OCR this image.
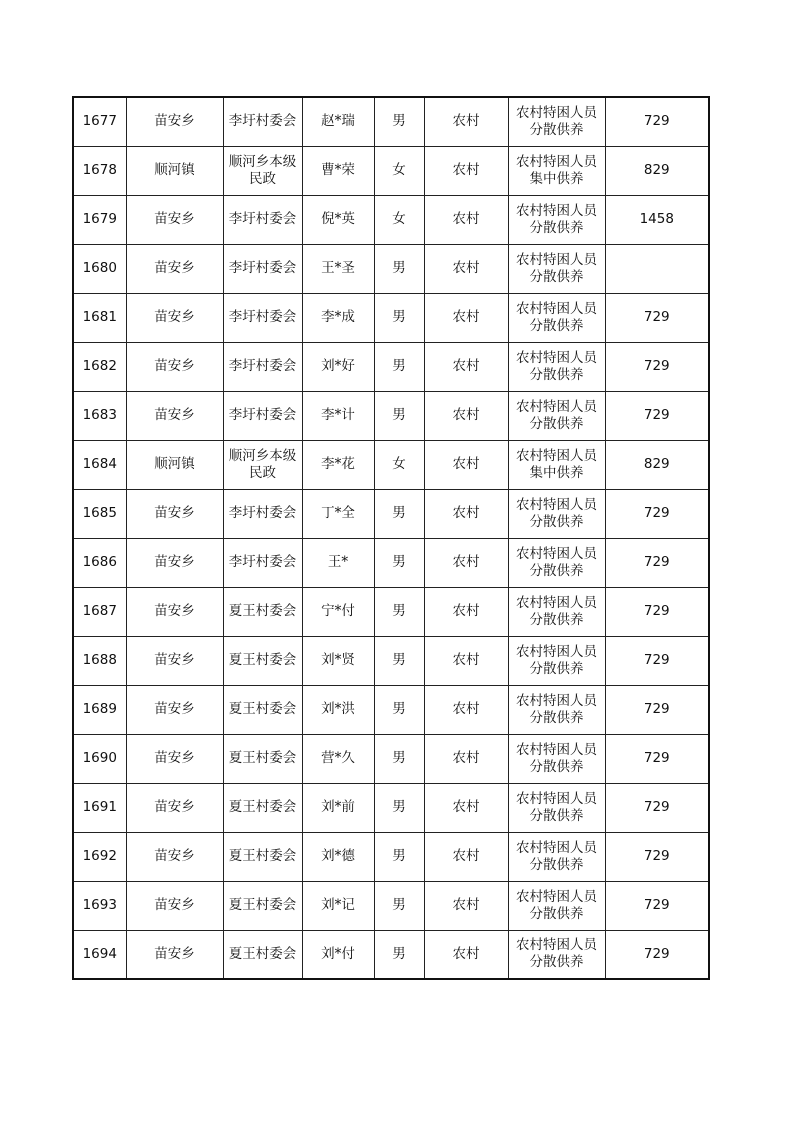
1677	苗安乡	李圩村委会	赵*瑞	男	农村	农村特困人员分散供养	729
1678	顺河镇	顺河乡本级民政	曹*荣	女	农村	农村特困人员集中供养	829
1679	苗安乡	李圩村委会	倪*英	女	农村	农村特困人员分散供养	1458
1680	苗安乡	李圩村委会	王*圣	男	农村	农村特困人员分散供养	

1681	苗安乡	李圩村委会	李*成	男	农村	农村特困人员分散供养	729
1682	苗安乡	李圩村委会	刘*好	男	农村	农村特困人员分散供养	729
1683	苗安乡	李圩村委会	李*计	男	农村	农村特困人员分散供养	729
1684	顺河镇	顺河乡本级民政	李*花	女	农村	农村特困人员集中供养	829
1685	苗安乡	李圩村委会	丁*全	男	农村	农村特困人员分散供养	729
1686	苗安乡	李圩村委会	王*	男	农村	农村特困人员分散供养	729
1687	苗安乡	夏王村委会	宁*付	男	农村	农村特困人员分散供养	729
1688	苗安乡	夏王村委会	刘*贤	男	农村	农村特困人员分散供养	729
1689	苗安乡	夏王村委会	刘*洪	男	农村	农村特困人员分散供养	729
1690	苗安乡	夏王村委会	营*久	男	农村	农村特困人员分散供养	729
1691	苗安乡	夏王村委会	刘*前	男	农村	农村特困人员分散供养	729
1692	苗安乡	夏王村委会	刘*德	男	农村	农村特困人员分散供养	729
1693	苗安乡	夏王村委会	刘*记	男	农村	农村特困人员分散供养	729
1694	苗安乡	夏王村委会	刘*付	男	农村	农村特困人员分散供养	729
